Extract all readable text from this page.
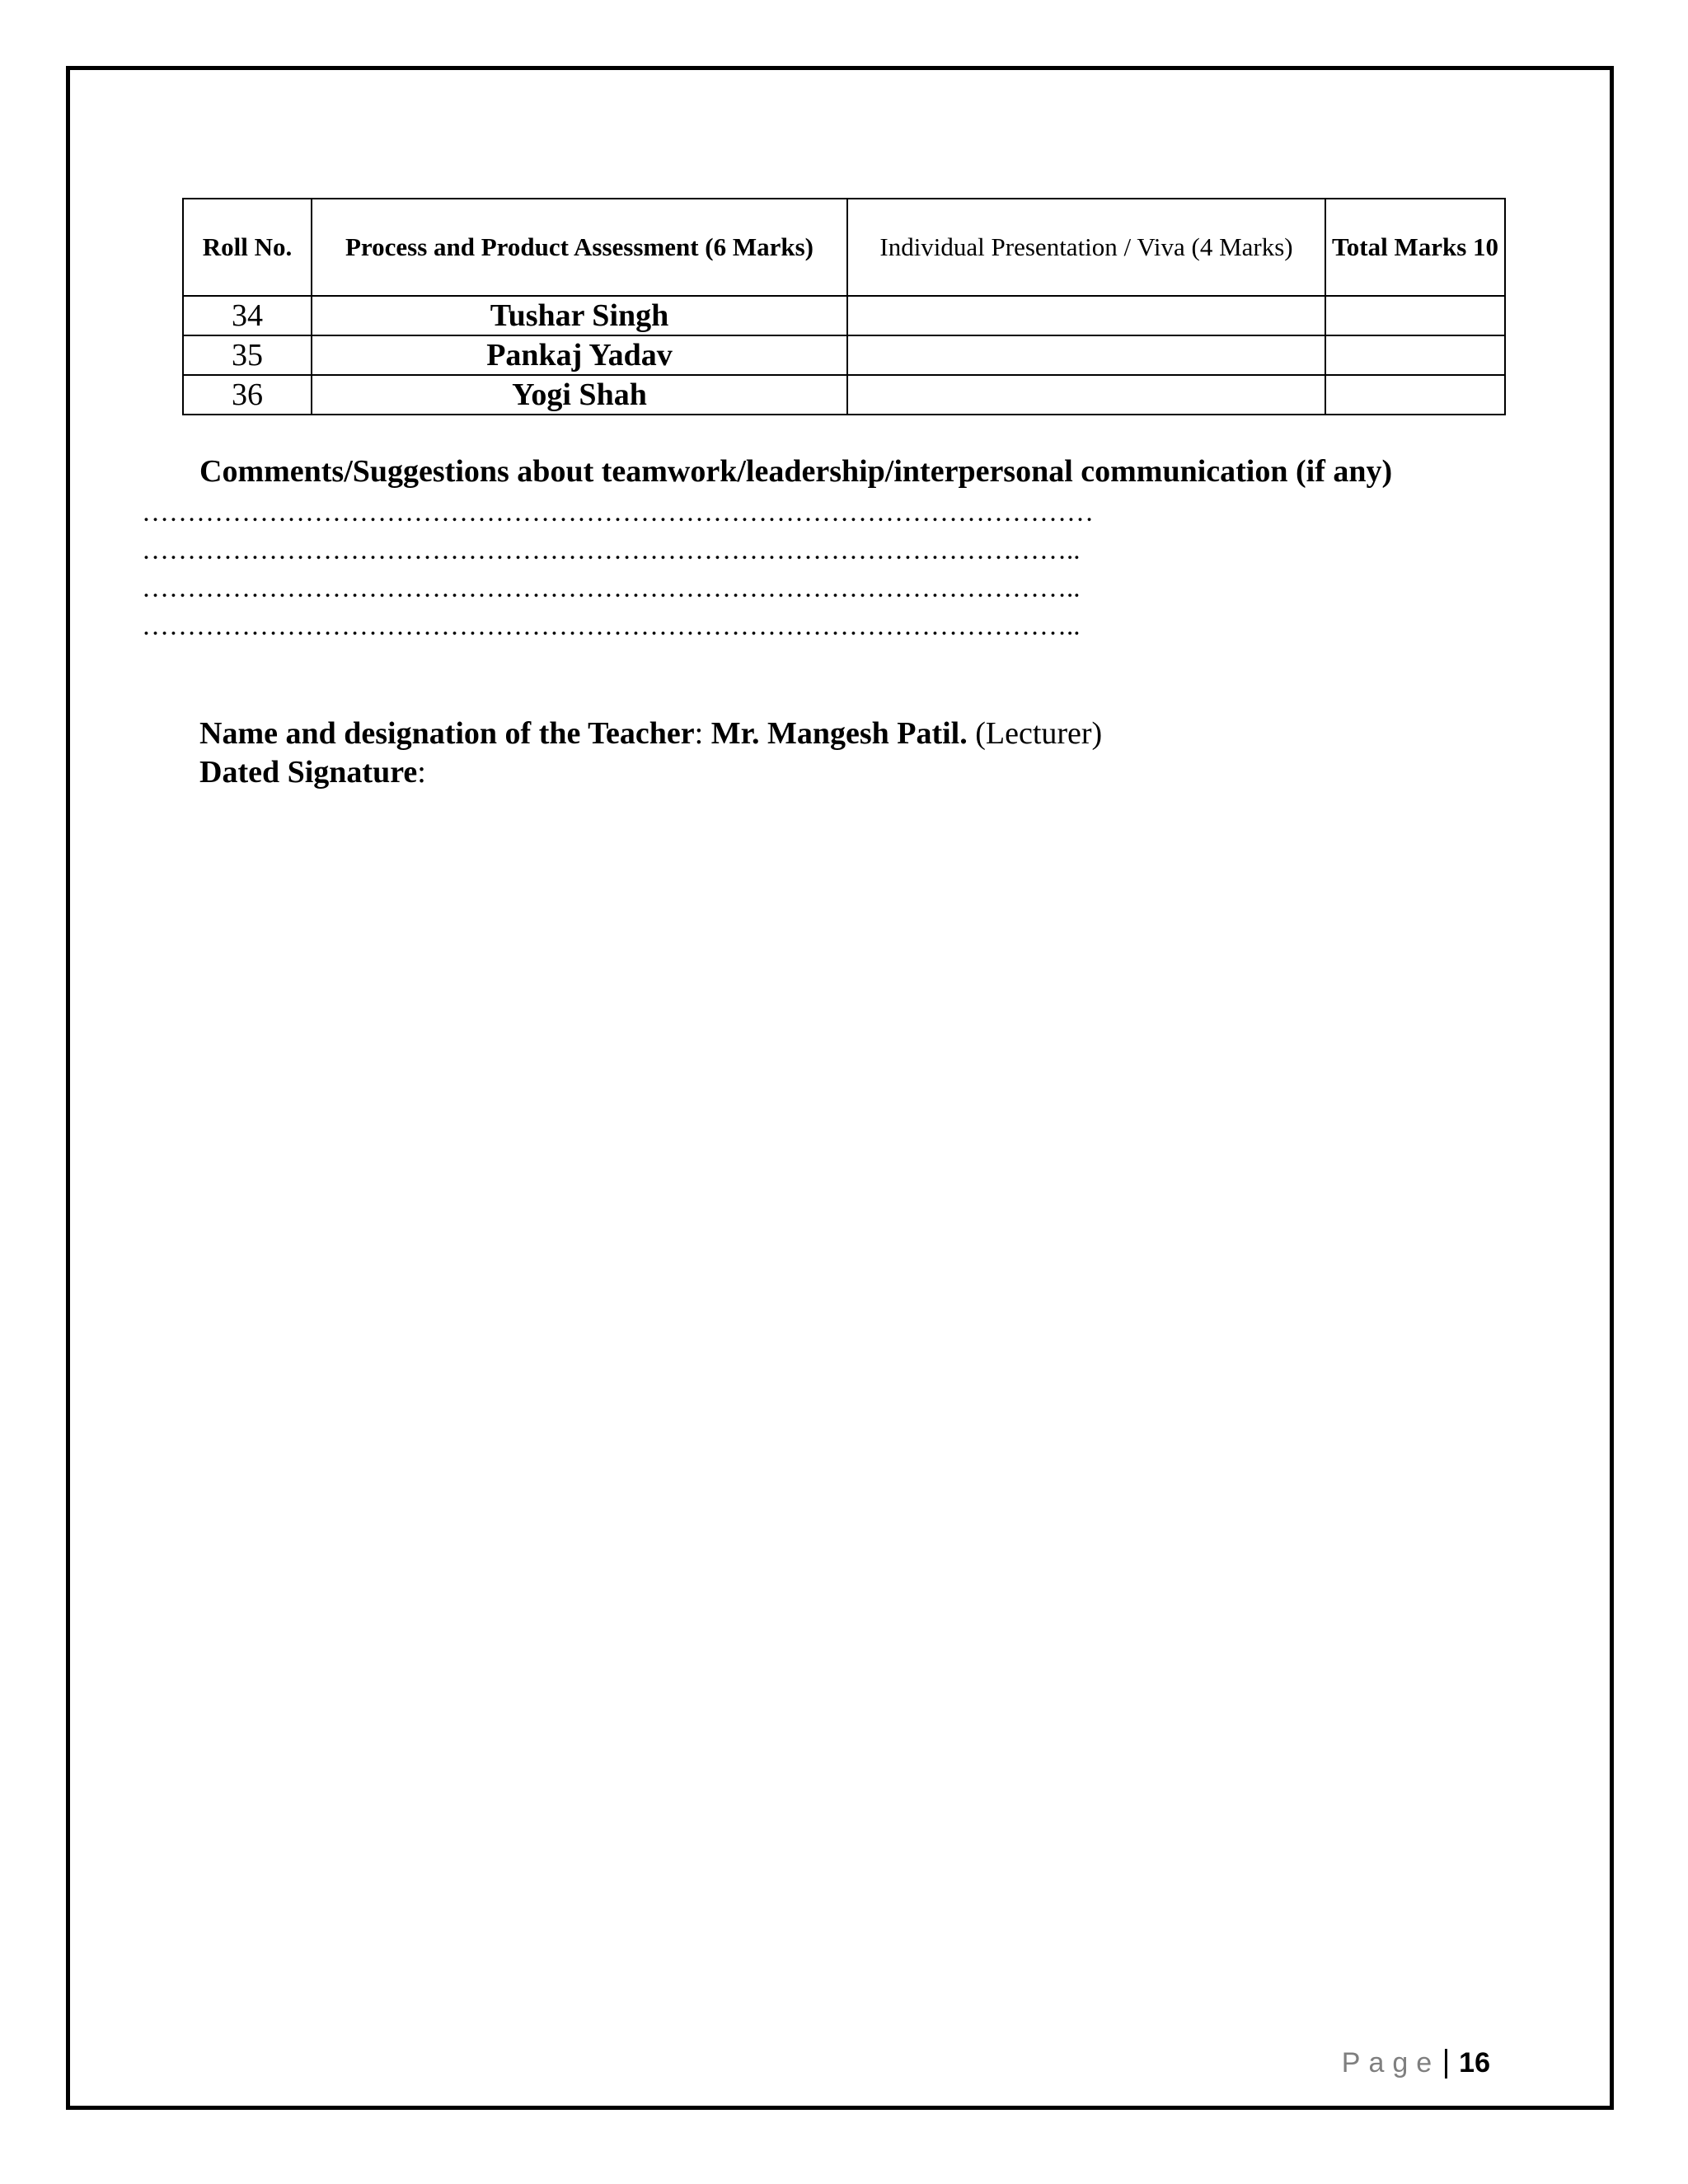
Roll No.	Process and Product Assessment (6 Marks)	Individual Presentation / Viva (4 Marks)	Total Marks 10
34	Tushar Singh		
35	Pankaj Yadav		
36	Yogi Shah		
Comments/Suggestions about teamwork/leadership/interpersonal communication (if any)
……………………………………………………………………………………………
…………………………………………………………………………………………..
…………………………………………………………………………………………..
…………………………………………………………………………………………..
Name and designation of the Teacher: Mr. Mangesh Patil. (Lecturer)
Dated Signature:
Page 16
